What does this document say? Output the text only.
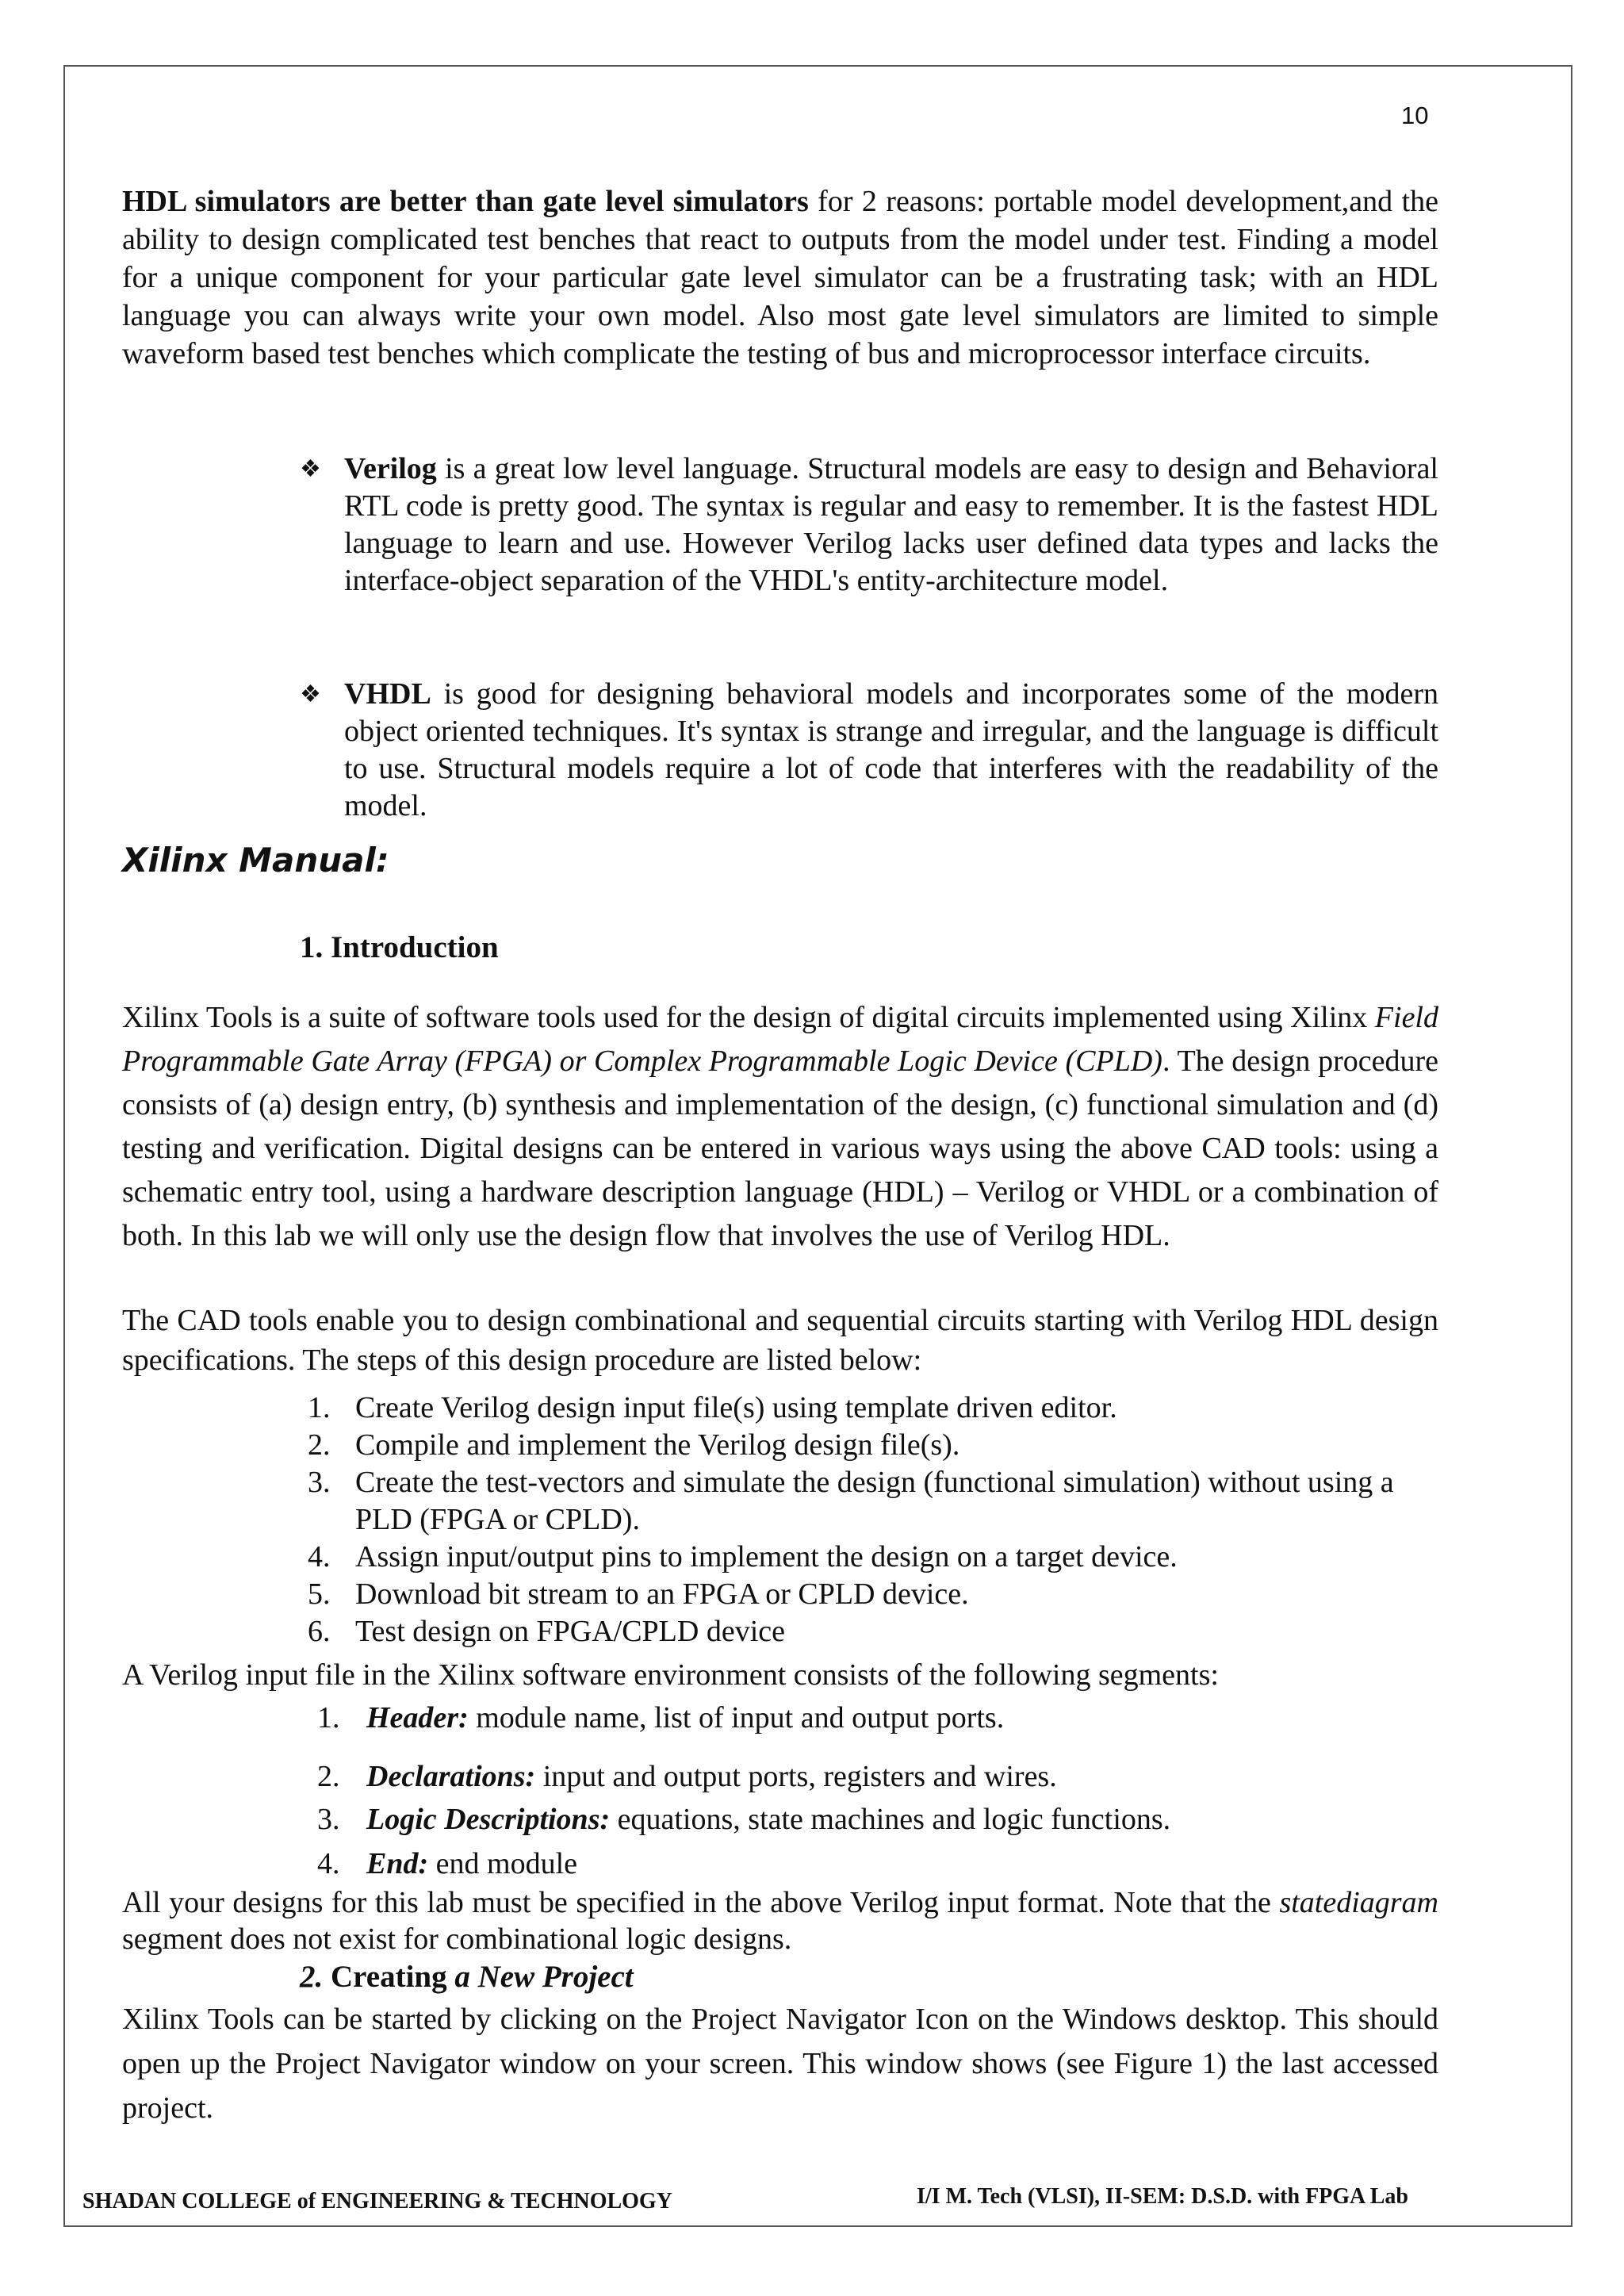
10
HDL simulators are better than gate level simulators for 2 reasons: portable model development,and the ability to design complicated test benches that react to outputs from the model under test. Finding a model for a unique component for your particular gate level simulator can be a frustrating task; with an HDL language you can always write your own model. Also most gate level simulators are limited to simple waveform based test benches which complicate the testing of bus and microprocessor interface circuits.
❖ Verilog is a great low level language. Structural models are easy to design and Behavioral RTL code is pretty good. The syntax is regular and easy to remember. It is the fastest HDL language to learn and use. However Verilog lacks user defined data types and lacks the interface-object separation of the VHDL's entity-architecture model.
❖ VHDL is good for designing behavioral models and incorporates some of the modern object oriented techniques. It's syntax is strange and irregular, and the language is difficult to use. Structural models require a lot of code that interferes with the readability of the model.
Xilinx Manual:
1. Introduction
Xilinx Tools is a suite of software tools used for the design of digital circuits implemented using Xilinx Field Programmable Gate Array (FPGA) or Complex Programmable Logic Device (CPLD). The design procedure consists of (a) design entry, (b) synthesis and implementation of the design, (c) functional simulation and (d) testing and verification. Digital designs can be entered in various ways using the above CAD tools: using a schematic entry tool, using a hardware description language (HDL) – Verilog or VHDL or a combination of both. In this lab we will only use the design flow that involves the use of Verilog HDL.
The CAD tools enable you to design combinational and sequential circuits starting with Verilog HDL design specifications. The steps of this design procedure are listed below:
1. Create Verilog design input file(s) using template driven editor.
2. Compile and implement the Verilog design file(s).
3. Create the test-vectors and simulate the design (functional simulation) without using a PLD (FPGA or CPLD).
4. Assign input/output pins to implement the design on a target device.
5. Download bit stream to an FPGA or CPLD device.
6. Test design on FPGA/CPLD device
A Verilog input file in the Xilinx software environment consists of the following segments:
1. Header: module name, list of input and output ports.
2. Declarations: input and output ports, registers and wires.
3. Logic Descriptions: equations, state machines and logic functions.
4. End: end module
All your designs for this lab must be specified in the above Verilog input format. Note that the statediagram segment does not exist for combinational logic designs.
2. Creating a New Project
Xilinx Tools can be started by clicking on the Project Navigator Icon on the Windows desktop. This should open up the Project Navigator window on your screen. This window shows (see Figure 1) the last accessed project.
SHADAN COLLEGE of ENGINEERING & TECHNOLOGY	I/I M. Tech (VLSI), II-SEM: D.S.D. with FPGA Lab
